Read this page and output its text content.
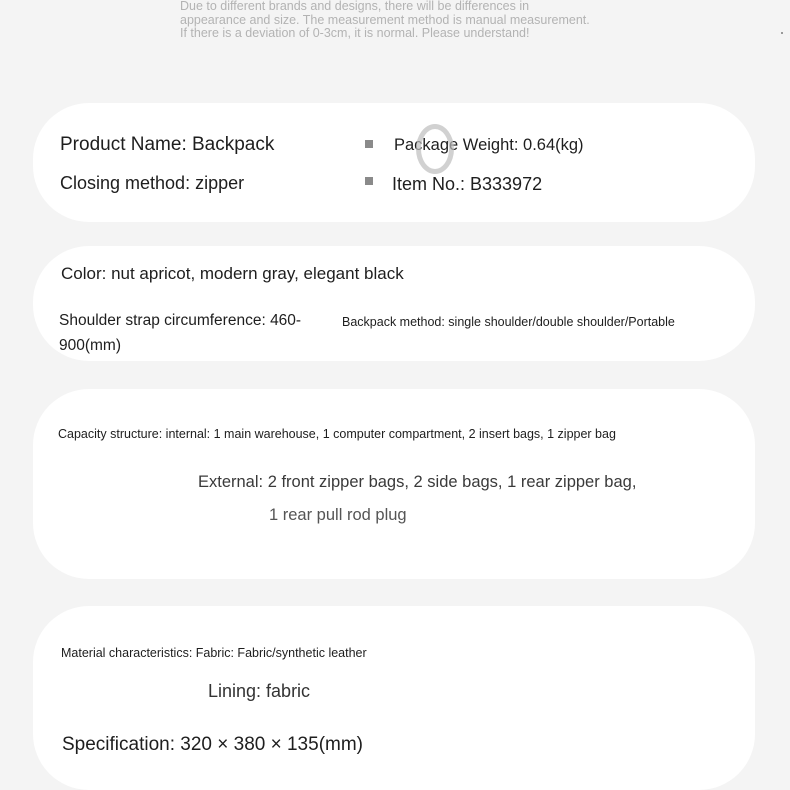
Due to different brands and designs, there will be differences in
appearance and size. The measurement method is manual measurement.
If there is a deviation of 0-3cm, it is normal. Please understand!
Product Name: Backpack
Closing method: zipper
Package Weight: 0.64(kg)
Item No.: B333972
Color: nut apricot, modern gray, elegant black
Shoulder strap circumference: 460-
900(mm)
Backpack method: single shoulder/double shoulder/Portable
Capacity structure: internal: 1 main warehouse, 1 computer compartment, 2 insert bags, 1 zipper bag
External: 2 front zipper bags, 2 side bags, 1 rear zipper bag,
1 rear pull rod plug
Material characteristics: Fabric: Fabric/synthetic leather
Lining: fabric
Specification: 320 × 380 × 135(mm)
